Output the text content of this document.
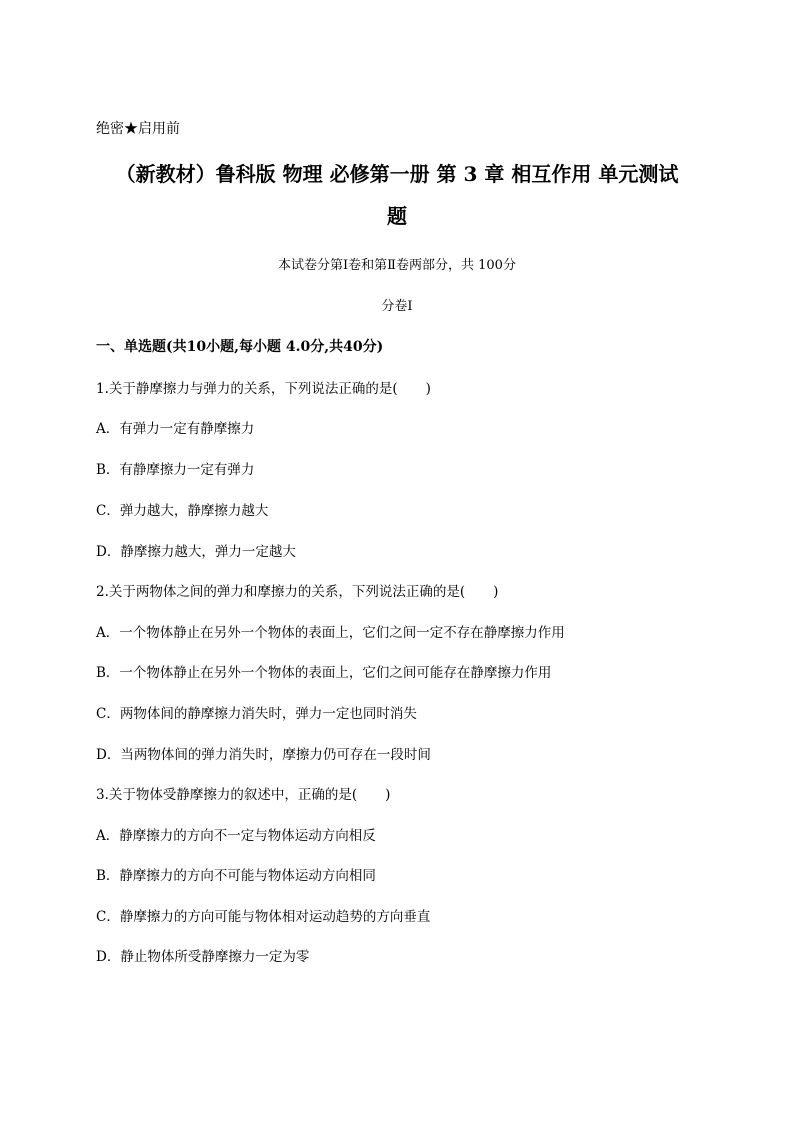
绝密★启用前
（新教材）鲁科版 物理 必修第一册 第 3 章 相互作用 单元测试
题
本试卷分第Ⅰ卷和第Ⅱ卷两部分，共 100分
分卷I
一、单选题(共10小题,每小题 4.0分,共40分)
1.关于静摩擦力与弹力的关系，下列说法正确的是( )
A．有弹力一定有静摩擦力
B．有静摩擦力一定有弹力
C．弹力越大，静摩擦力越大
D．静摩擦力越大，弹力一定越大
2.关于两物体之间的弹力和摩擦力的关系，下列说法正确的是( )
A．一个物体静止在另外一个物体的表面上，它们之间一定不存在静摩擦力作用
B．一个物体静止在另外一个物体的表面上，它们之间可能存在静摩擦力作用
C．两物体间的静摩擦力消失时，弹力一定也同时消失
D．当两物体间的弹力消失时，摩擦力仍可存在一段时间
3.关于物体受静摩擦力的叙述中，正确的是( )
A．静摩擦力的方向不一定与物体运动方向相反
B．静摩擦力的方向不可能与物体运动方向相同
C．静摩擦力的方向可能与物体相对运动趋势的方向垂直
D．静止物体所受静摩擦力一定为零
